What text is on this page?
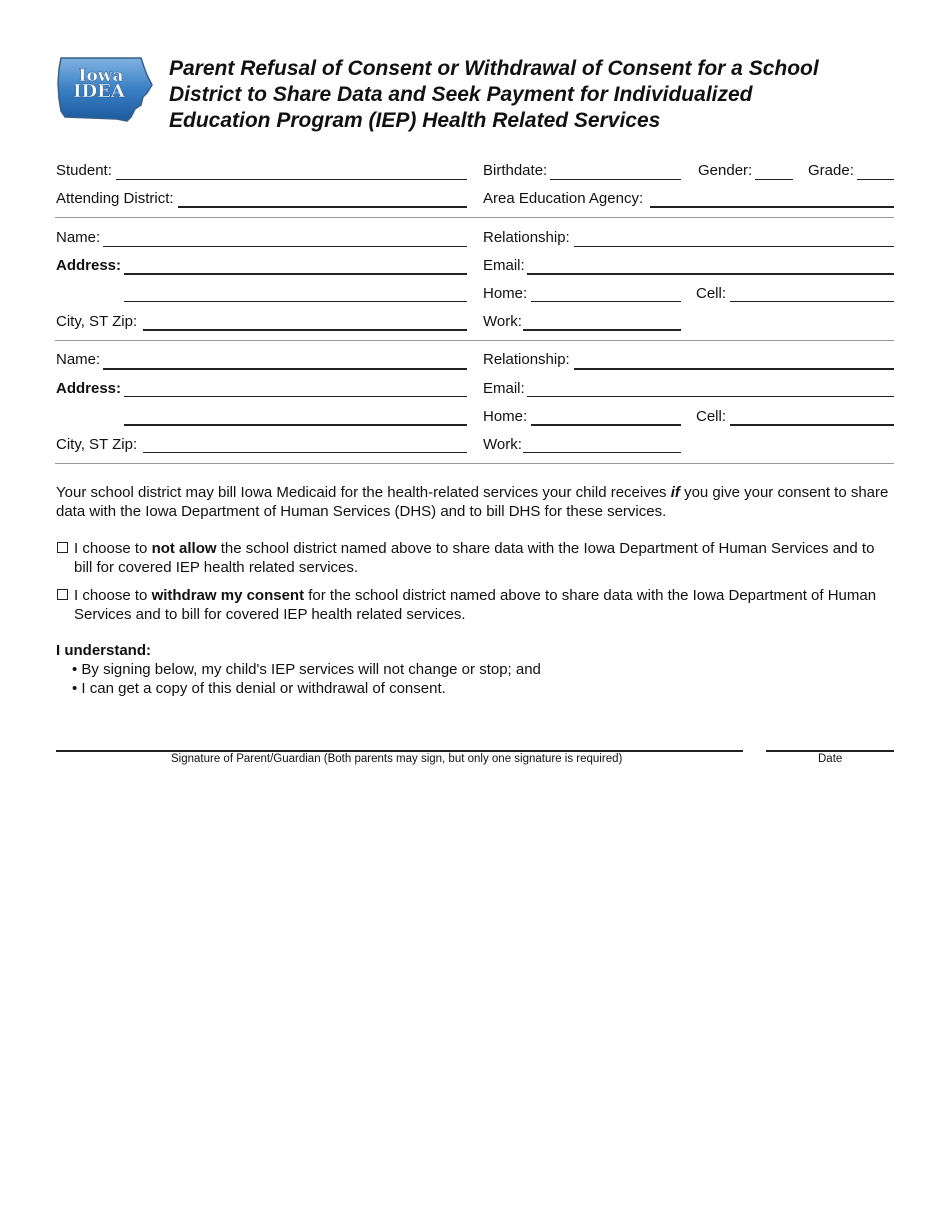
Iowa
IDEA
Parent Refusal of Consent or Withdrawal of Consent for a School
District to Share Data and Seek Payment for Individualized
Education Program (IEP) Health Related Services
Student:	Birthdate:	Gender:	Grade:
Attending District:	Area Education Agency:
Name:	Relationship:
Address:	Email:
Home:	Cell:
City, ST Zip:	Work:
Name:	Relationship:
Address:	Email:
Home:	Cell:
City, ST Zip:	Work:
Your school district may bill Iowa Medicaid for the health-related services your child receives if you give your consent to share data with the Iowa Department of Human Services (DHS) and to bill DHS for these services.
I choose to not allow the school district named above to share data with the Iowa Department of Human Services and to bill for covered IEP health related services.
I choose to withdraw my consent for the school district named above to share data with the Iowa Department of Human Services and to bill for covered IEP health related services.
I understand:
• By signing below, my child's IEP services will not change or stop; and
• I can get a copy of this denial or withdrawal of consent.
Signature of Parent/Guardian (Both parents may sign, but only one signature is required)	Date
